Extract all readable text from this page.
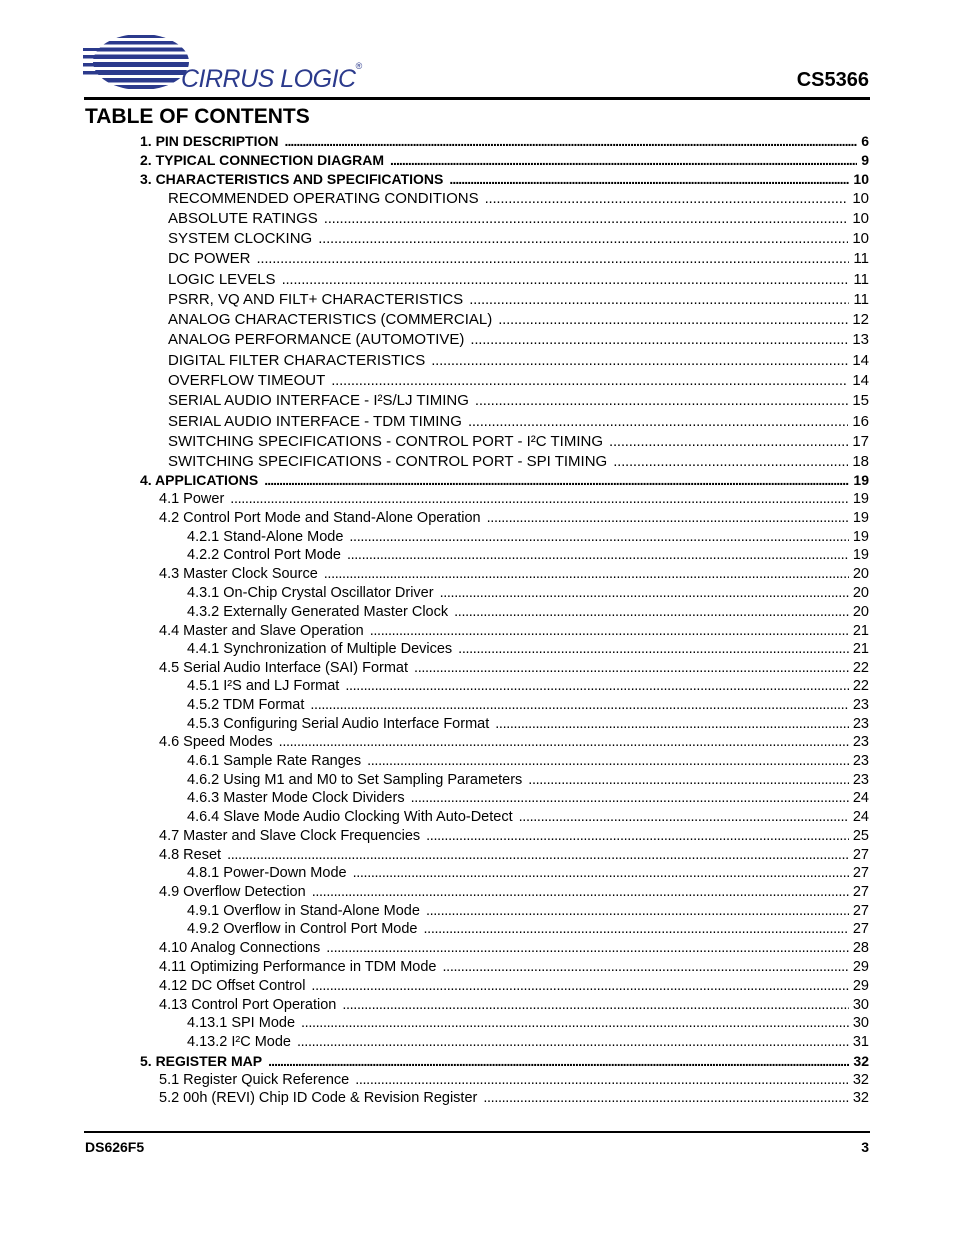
CIRRUS LOGIC®
CS5366
TABLE OF CONTENTS
1. PIN DESCRIPTION . . .	6
2. TYPICAL CONNECTION DIAGRAM . . .	9
3. CHARACTERISTICS AND SPECIFICATIONS . . .	10
RECOMMENDED OPERATING CONDITIONS . . .	10
ABSOLUTE RATINGS . . .	10
SYSTEM CLOCKING . . .	10
DC POWER . . .	11
LOGIC LEVELS . . .	11
PSRR, VQ AND FILT+ CHARACTERISTICS . . .	11
ANALOG CHARACTERISTICS (COMMERCIAL) . . .	12
ANALOG PERFORMANCE (AUTOMOTIVE) . . .	13
DIGITAL FILTER CHARACTERISTICS . . .	14
OVERFLOW TIMEOUT . . .	14
SERIAL AUDIO INTERFACE - I²S/LJ TIMING . . .	15
SERIAL AUDIO INTERFACE - TDM TIMING . . .	16
SWITCHING SPECIFICATIONS - CONTROL PORT - I²C TIMING . . .	17
SWITCHING SPECIFICATIONS - CONTROL PORT - SPI TIMING . . .	18
4. APPLICATIONS . . .	19
4.1 Power . . .	19
4.2 Control Port Mode and Stand-Alone Operation . . .	19
4.2.1 Stand-Alone Mode . . .	19
4.2.2 Control Port Mode . . .	19
4.3 Master Clock Source . . .	20
4.3.1 On-Chip Crystal Oscillator Driver . . .	20
4.3.2 Externally Generated Master Clock . . .	20
4.4 Master and Slave Operation . . .	21
4.4.1 Synchronization of Multiple Devices . . .	21
4.5 Serial Audio Interface (SAI) Format . . .	22
4.5.1 I²S and LJ Format . . .	22
4.5.2 TDM Format . . .	23
4.5.3 Configuring Serial Audio Interface Format . . .	23
4.6 Speed Modes . . .	23
4.6.1 Sample Rate Ranges . . .	23
4.6.2 Using M1 and M0 to Set Sampling Parameters . . .	23
4.6.3 Master Mode Clock Dividers . . .	24
4.6.4 Slave Mode Audio Clocking With Auto-Detect . . .	24
4.7 Master and Slave Clock Frequencies . . .	25
4.8 Reset . . .	27
4.8.1 Power-Down Mode . . .	27
4.9 Overflow Detection . . .	27
4.9.1 Overflow in Stand-Alone Mode . . .	27
4.9.2 Overflow in Control Port Mode . . .	27
4.10 Analog Connections . . .	28
4.11 Optimizing Performance in TDM Mode . . .	29
4.12 DC Offset Control . . .	29
4.13 Control Port Operation . . .	30
4.13.1 SPI Mode . . .	30
4.13.2 I²C Mode . . .	31
5. REGISTER MAP . . .	32
5.1 Register Quick Reference . . .	32
5.2 00h (REVI) Chip ID Code & Revision Register . . .	32
DS626F5	3
